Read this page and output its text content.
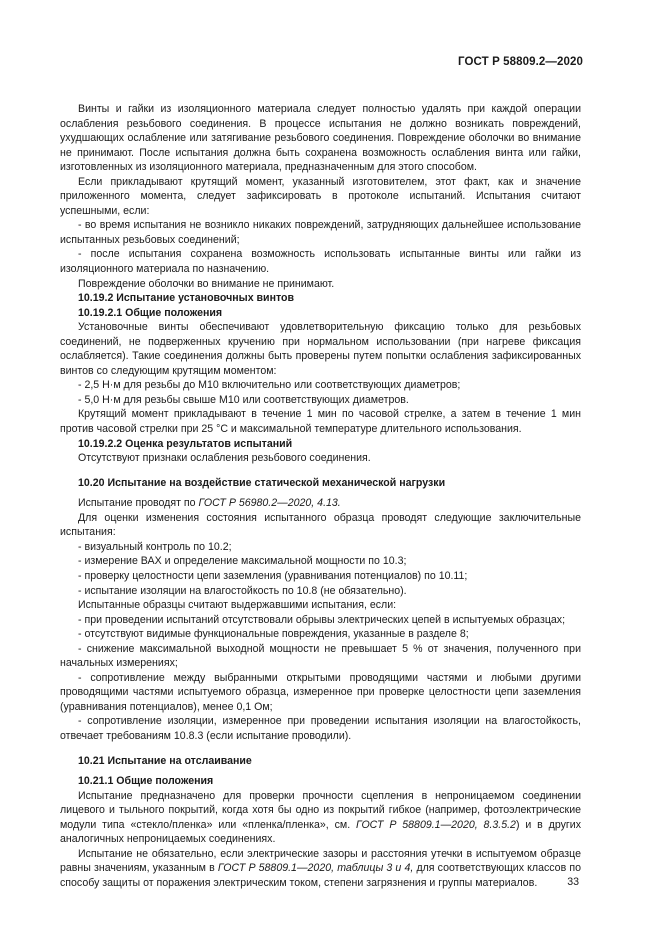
ГОСТ Р 58809.2—2020

Винты и гайки из изоляционного материала следует полностью удалять при каждой операции ослабления резьбового соединения. В процессе испытания не должно возникать повреждений, ухудшающих ослабление или затягивание резьбового соединения. Повреждение оболочки во внимание не принимают. После испытания должна быть сохранена возможность ослабления винта или гайки, изготовленных из изоляционного материала, предназначенным для этого способом.

Если прикладывают крутящий момент, указанный изготовителем, этот факт, как и значение приложенного момента, следует зафиксировать в протоколе испытаний. Испытания считают успешными, если:

- во время испытания не возникло никаких повреждений, затрудняющих дальнейшее использование испытанных резьбовых соединений;

- после испытания сохранена возможность использовать испытанные винты или гайки из изоляционного материала по назначению.

Повреждение оболочки во внимание не принимают.

10.19.2 Испытание установочных винтов

10.19.2.1 Общие положения

Установочные винты обеспечивают удовлетворительную фиксацию только для резьбовых соединений, не подверженных кручению при нормальном использовании (при нагреве фиксация ослабляется). Такие соединения должны быть проверены путем попытки ослабления зафиксированных винтов со следующим крутящим моментом:

- 2,5 Н·м для резьбы до М10 включительно или соответствующих диаметров;

- 5,0 Н·м для резьбы свыше М10 или соответствующих диаметров.

Крутящий момент прикладывают в течение 1 мин по часовой стрелке, а затем в течение 1 мин против часовой стрелки при 25 °С и максимальной температуре длительного использования.

10.19.2.2 Оценка результатов испытаний

Отсутствуют признаки ослабления резьбового соединения.

10.20 Испытание на воздействие статической механической нагрузки

Испытание проводят по ГОСТ Р 56980.2—2020, 4.13.

Для оценки изменения состояния испытанного образца проводят следующие заключительные испытания:

- визуальный контроль по 10.2;

- измерение ВАХ и определение максимальной мощности по 10.3;

- проверку целостности цепи заземления (уравнивания потенциалов) по 10.11;

- испытание изоляции на влагостойкость по 10.8 (не обязательно).

Испытанные образцы считают выдержавшими испытания, если:

- при проведении испытаний отсутствовали обрывы электрических цепей в испытуемых образцах;

- отсутствуют видимые функциональные повреждения, указанные в разделе 8;

- снижение максимальной выходной мощности не превышает 5 % от значения, полученного при начальных измерениях;

- сопротивление между выбранными открытыми проводящими частями и любыми другими проводящими частями испытуемого образца, измеренное при проверке целостности цепи заземления (уравнивания потенциалов), менее 0,1 Ом;

- сопротивление изоляции, измеренное при проведении испытания изоляции на влагостойкость, отвечает требованиям 10.8.3 (если испытание проводили).

10.21 Испытание на отслаивание

10.21.1 Общие положения

Испытание предназначено для проверки прочности сцепления в непроницаемом соединении лицевого и тыльного покрытий, когда хотя бы одно из покрытий гибкое (например, фотоэлектрические модули типа «стекло/пленка» или «пленка/пленка», см. ГОСТ Р 58809.1—2020, 8.3.5.2) и в других аналогичных непроницаемых соединениях.

Испытание не обязательно, если электрические зазоры и расстояния утечки в испытуемом образце равны значениям, указанным в ГОСТ Р 58809.1—2020, таблицы 3 и 4, для соответствующих классов по способу защиты от поражения электрическим током, степени загрязнения и группы материалов.	33
